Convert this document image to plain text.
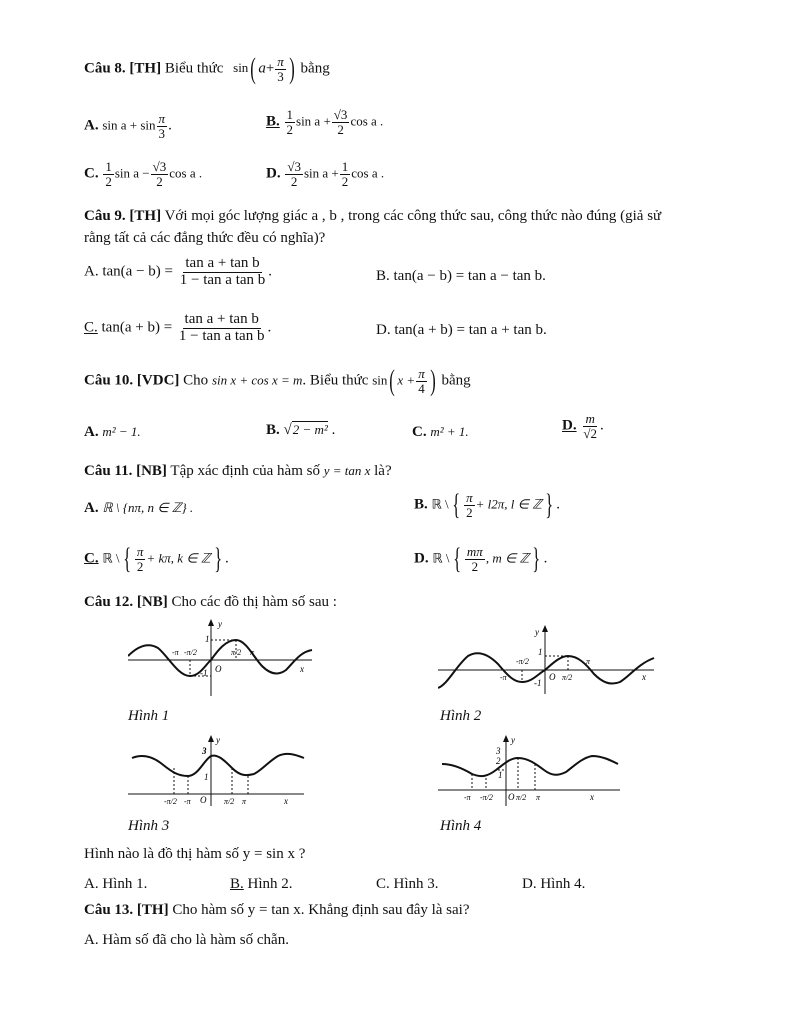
Câu 8. [TH] Biểu thức sin( $a+ \frac{\pi}{3}$ ) bằng
A. $\sin a + \sin \frac{\pi}{3}$ .	B. $\frac{1}{2}$ $\sin a + \frac{√3}{2}$ cos a .
C. $\frac{1}{2}$ $\sin a - \frac{√3}{2}$ cos a .	D. $\frac{√3}{2}$ $\sin a + \frac{1}{2}$ cos a .
Câu 9. [TH] Với mọi góc lượng giác a , b , trong các công thức sau, công thức nào đúng (giả sử
rằng tất cả các đẳng thức đều có nghĩa)?
A. $\tan(a - b) = \frac{\text{tan a + tan b}}{\text{1 − tan a tan b}}$ .	B. tan(a − b) = tan a − tan b.
C. $\tan(a + b) = \frac{\text{tan a + tan b}}{\text{1 − tan a tan b}}$ .	D. tan(a + b) = tan a + tan b.
Câu 10. [VDC] Cho sin x + cos x = m. Biểu thức sin( $x + \frac{\pi}{4}$ ) bằng
A. m² − 1.	B. √2 − m² .	C. m² + 1.	D. $\frac{m}{√2}$ .
Câu 11. [NB] Tập xác định của hàm số y = tan x là?
A. ℝ \ {nπ, n ∈ ℤ} .	B. ℝ \ { $\frac{\pi}{2} + l2\pi$, l ∈ ℤ } .
C. ℝ \ { $\frac{\pi}{2} + k\pi$, k ∈ ℤ } .	D. ℝ \ { $\frac{m\pi}{2}$ , m ∈ ℤ } .
Câu 12. [NB] Cho các đồ thị hàm số sau :
y
x
1
-1 O
-π -π/2	π/2 π
Hình 1
y
x
1
-1
O
-π
-π/2
π/2
π
Hình 2
y
x
3
1
O
-π/2 -π	π/2 π
Hình 3
y
x
3
2
1
O
-π -π/2	π/2 π
Hình 4
Hình nào là đồ thị hàm số y = sin x ?
A. Hình 1.	B. Hình 2.	C. Hình 3.	D. Hình 4.
Câu 13. [TH] Cho hàm số y = tan x. Khẳng định sau đây là sai?
A. Hàm số đã cho là hàm số chẵn.
